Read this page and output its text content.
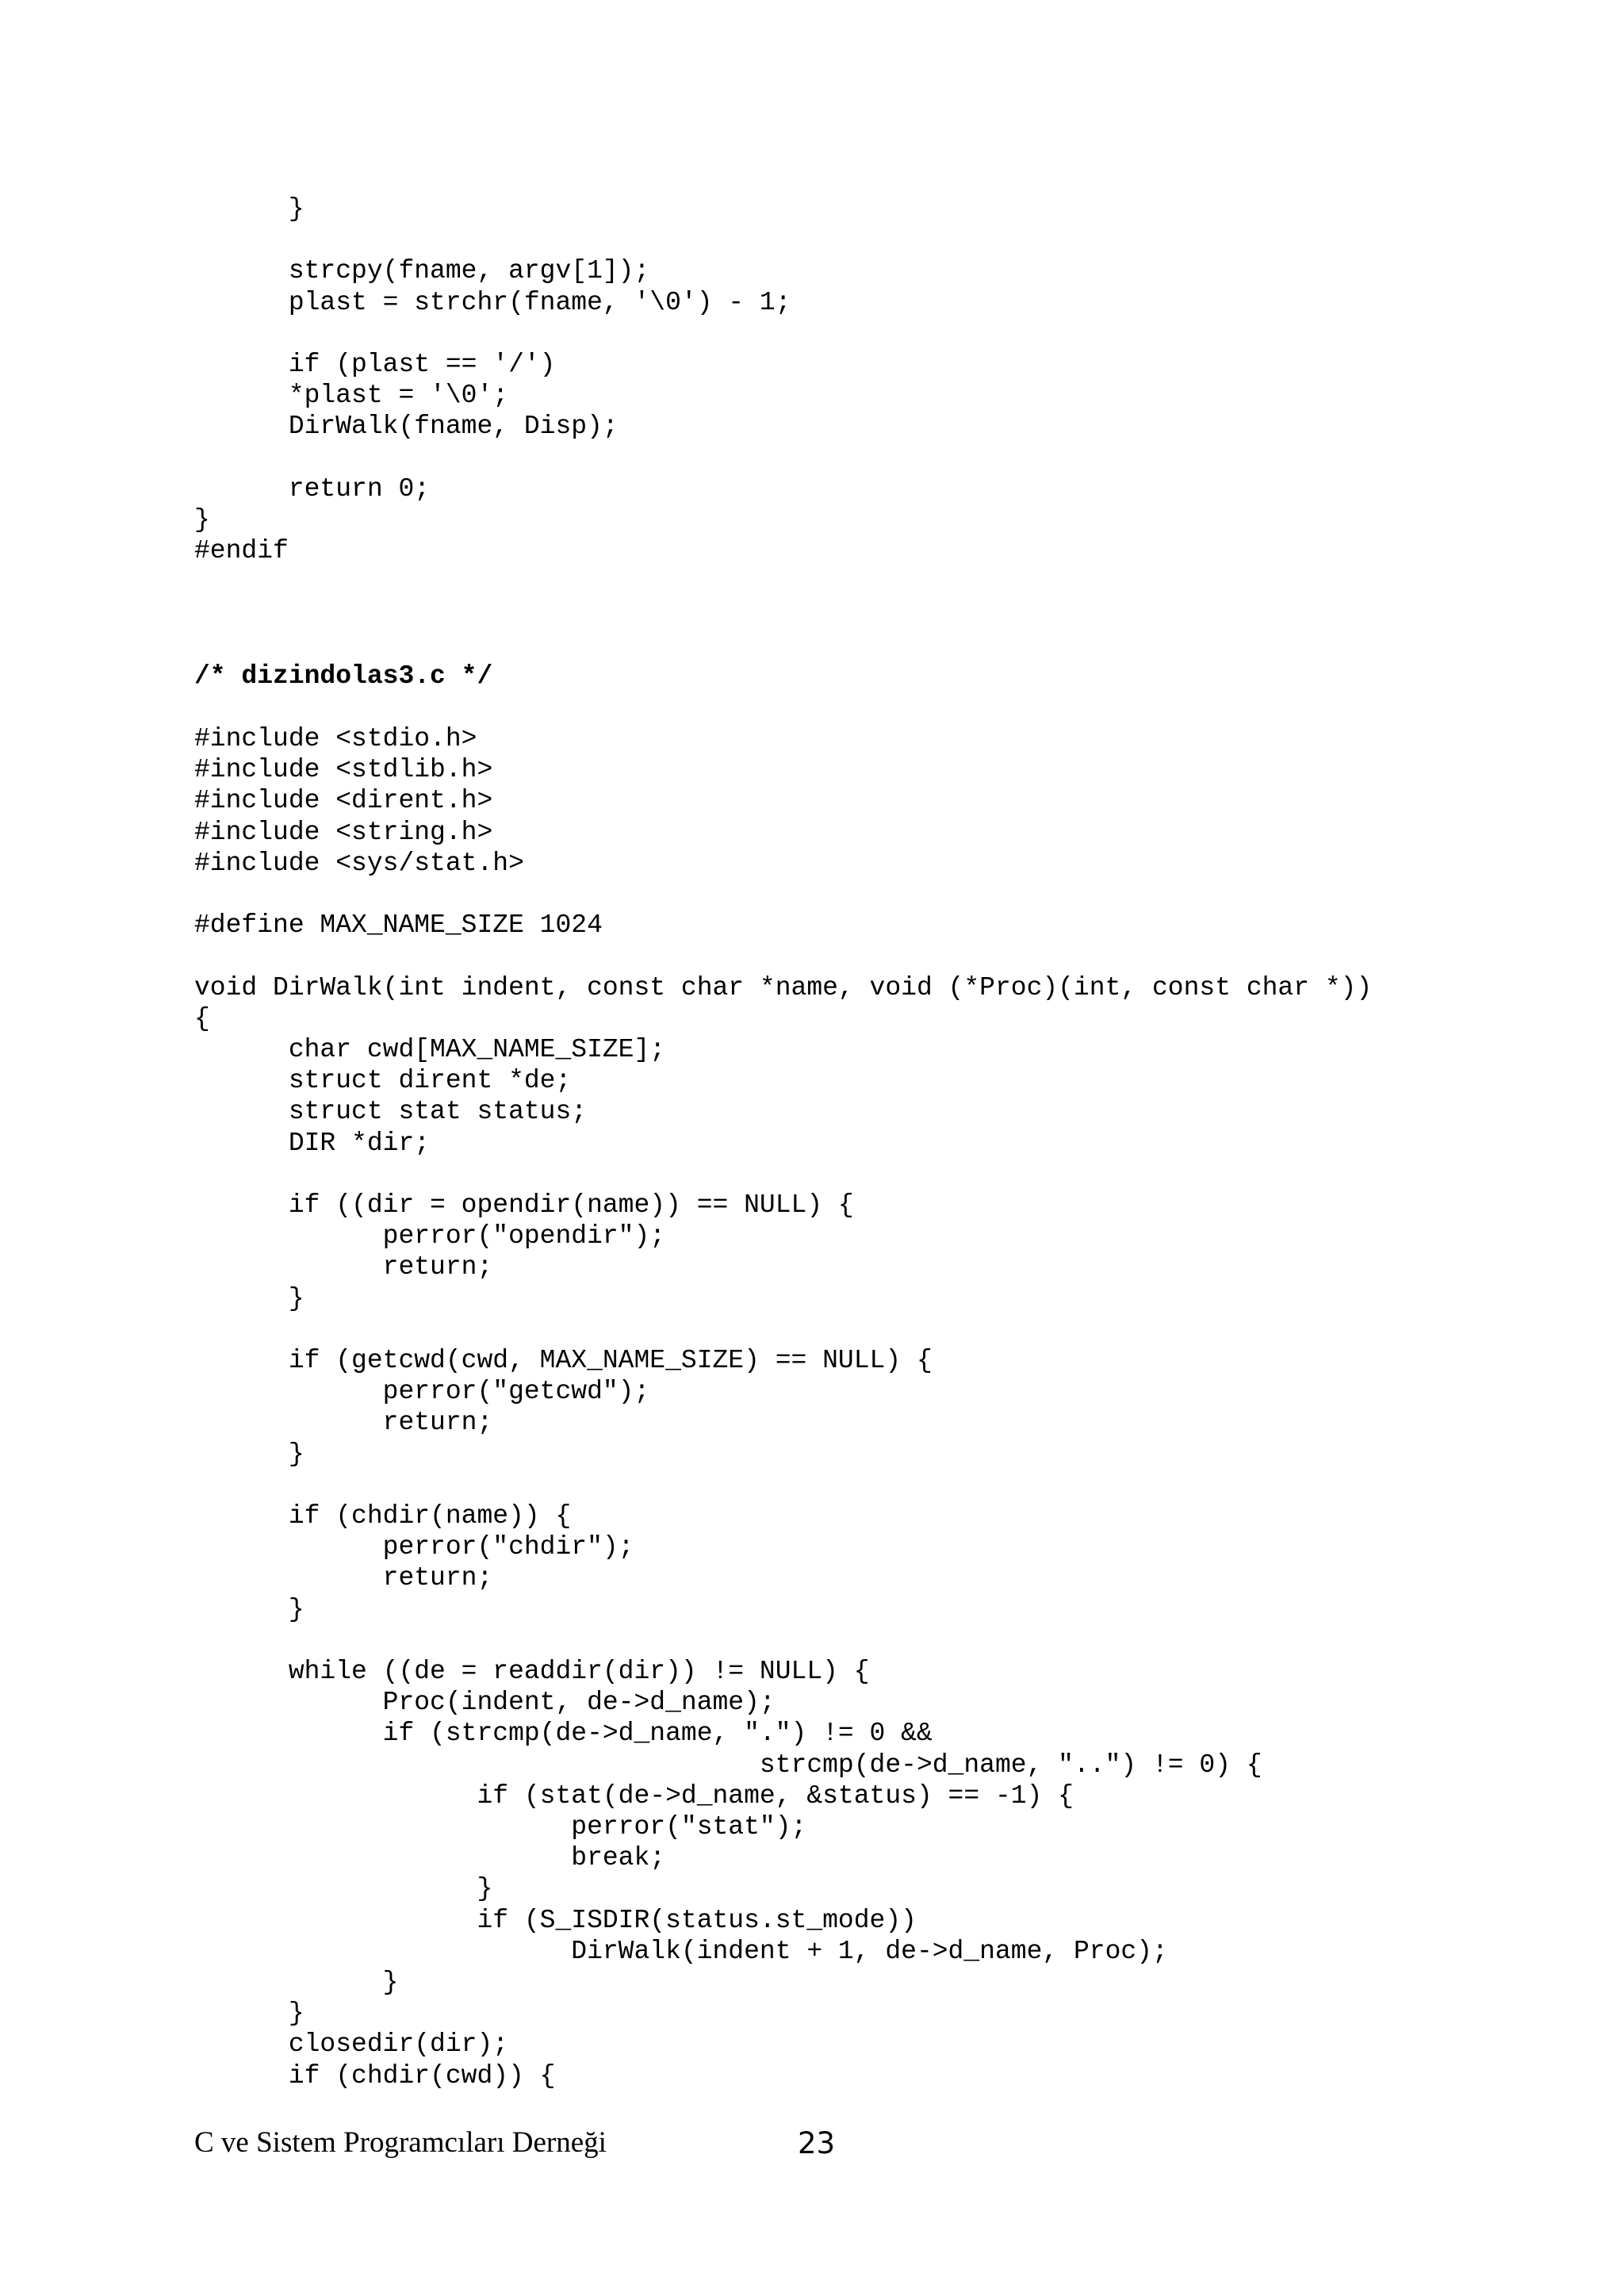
}
strcpy(fname, argv[1]);
plast = strchr(fname, '\0') - 1;
if (plast == '/')
*plast = '\0';
DirWalk(fname, Disp);
return 0;
}
#endif
/* dizindolas3.c */
#include <stdio.h>
#include <stdlib.h>
#include <dirent.h>
#include <string.h>
#include <sys/stat.h>
#define MAX_NAME_SIZE 1024
void DirWalk(int indent, const char *name, void (*Proc)(int, const char *))
{
char cwd[MAX_NAME_SIZE];
struct dirent *de;
struct stat status;
DIR *dir;
if ((dir = opendir(name)) == NULL) {
perror("opendir");
return;
}
if (getcwd(cwd, MAX_NAME_SIZE) == NULL) {
perror("getcwd");
return;
}
if (chdir(name)) {
perror("chdir");
return;
}
while ((de = readdir(dir)) != NULL) {
Proc(indent, de->d_name);
if (strcmp(de->d_name, ".") != 0 &&
strcmp(de->d_name, "..") != 0) {
if (stat(de->d_name, &status) == -1) {
perror("stat");
break;
}
if (S_ISDIR(status.st_mode))
DirWalk(indent + 1, de->d_name, Proc);
}
}
closedir(dir);
if (chdir(cwd)) {

C ve Sistem Programcıları Derneği	23
